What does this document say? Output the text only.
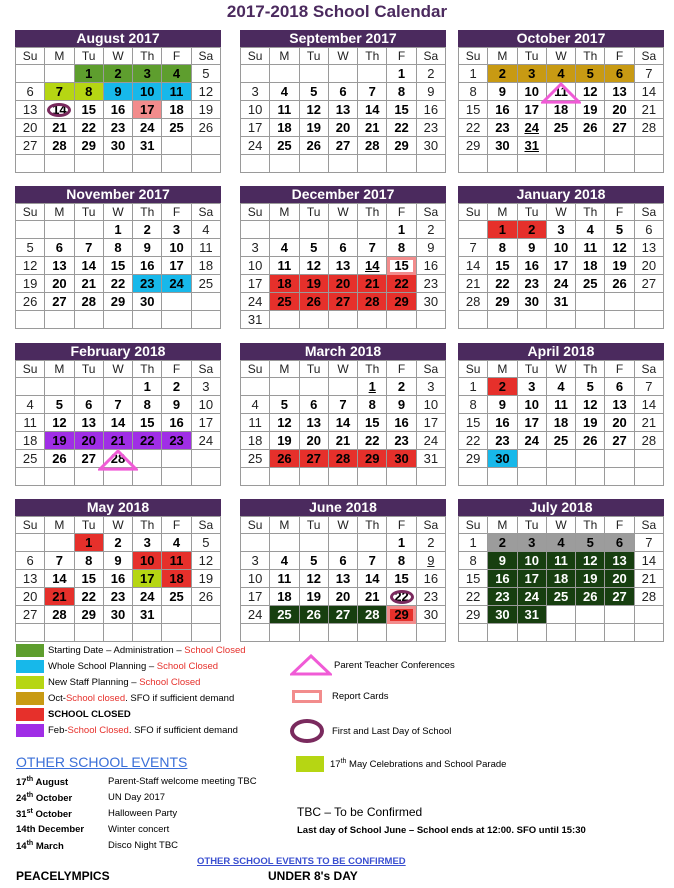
2017-2018 School Calendar
August 2017
Su	M	Tu	W	Th	F	Sa
		1	2	3	4	5
6	7	8	9	10	11	12
13	14	15	16	17	18	19
20	21	22	23	24	25	26
27	28	29	30	31		

September 2017
Su	M	Tu	W	Th	F	Sa
					1	2
3	4	5	6	7	8	9
10	11	12	13	14	15	16
17	18	19	20	21	22	23
24	25	26	27	28	29	30

October 2017
Su	M	Tu	W	Th	F	Sa
1	2	3	4	5	6	7
8	9	10	11	12	13	14
15	16	17	18	19	20	21
22	23	24	25	26	27	28
29	30	31				

November 2017
Su	M	Tu	W	Th	F	Sa
			1	2	3	4
5	6	7	8	9	10	11
12	13	14	15	16	17	18
19	20	21	22	23	24	25
26	27	28	29	30		

December 2017
Su	M	Tu	W	Th	F	Sa
					1	2
3	4	5	6	7	8	9
10	11	12	13	14	15	16
17	18	19	20	21	22	23
24	25	26	27	28	29	30
31						
January 2018
Su	M	Tu	W	Th	F	Sa
	1	2	3	4	5	6
7	8	9	10	11	12	13
14	15	16	17	18	19	20
21	22	23	24	25	26	27
28	29	30	31			

February 2018
Su	M	Tu	W	Th	F	Sa
				1	2	3
4	5	6	7	8	9	10
11	12	13	14	15	16	17
18	19	20	21	22	23	24
25	26	27	28

March 2018
Su	M	Tu	W	Th	F	Sa
				1	2	3
4	5	6	7	8	9	10
11	12	13	14	15	16	17
18	19	20	21	22	23	24
25	26	27	28	29	30	31

April 2018
Su	M	Tu	W	Th	F	Sa
1	2	3	4	5	6	7
8	9	10	11	12	13	14
15	16	17	18	19	20	21
22	23	24	25	26	27	28
29	30					

May 2018
Su	M	Tu	W	Th	F	Sa
		1	2	3	4	5
6	7	8	9	10	11	12
13	14	15	16	17	18	19
20	21	22	23	24	25	26
27	28	29	30	31		

June 2018
Su	M	Tu	W	Th	F	Sa
					1	2
3	4	5	6	7	8	9
10	11	12	13	14	15	16
17	18	19	20	21	22	23
24	25	26	27	28	29	30

July 2018
Su	M	Tu	W	Th	F	Sa
1	2	3	4	5	6	7
8	9	10	11	12	13	14
15	16	17	18	19	20	21
22	23	24	25	26	27	28
29	30	31				

Starting Date – Administration – School Closed
Whole School Planning – School Closed
New Staff Planning – School Closed
Oct-School closed. SFO if sufficient demand
SCHOOL CLOSED
Feb-School Closed. SFO if sufficient demand
Parent Teacher Conferences
Report Cards
First and Last Day of School
17th May Celebrations and School Parade
OTHER SCHOOL EVENTS
17th August	Parent-Staff welcome meeting TBC
24th October	UN Day 2017
31st October	Halloween Party
14th December	Winter concert
14th March	Disco Night TBC
TBC – To be Confirmed
Last day of School June – School ends at 12:00. SFO until 15:30
OTHER SCHOOL EVENTS TO BE CONFIRMED
PEACELYMPICS	UNDER 8's DAY
